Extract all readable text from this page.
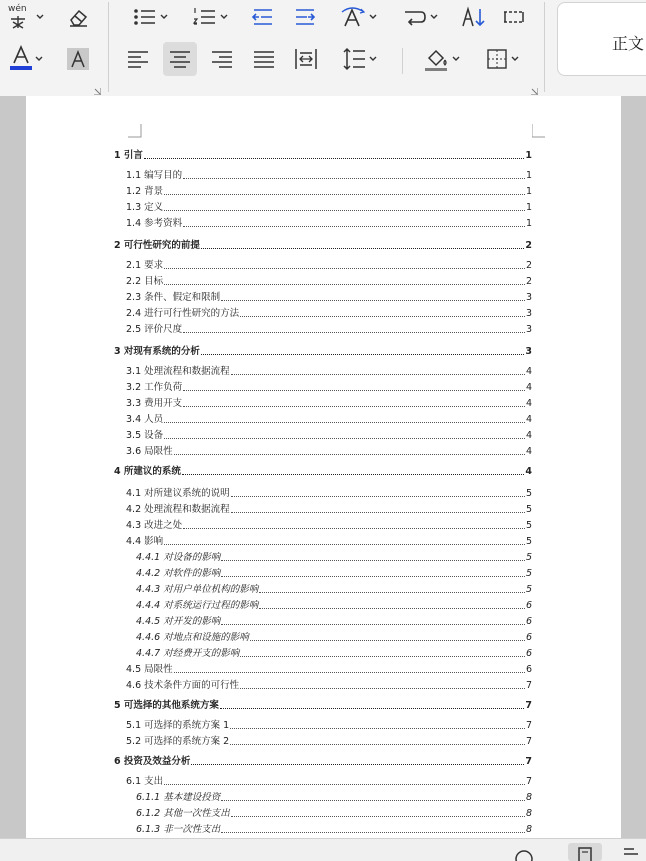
wén
正文
1 引言	1
1.1 编写目的	1
1.2 背景	1
1.3 定义	1
1.4 参考资料	1
2 可行性研究的前提	2
2.1 要求	2
2.2 目标	2
2.3 条件、假定和限制	3
2.4 进行可行性研究的方法	3
2.5 评价尺度	3
3 对现有系统的分析	3
3.1 处理流程和数据流程	4
3.2 工作负荷	4
3.3 费用开支	4
3.4 人员	4
3.5 设备	4
3.6 局限性	4
4 所建议的系统	4
4.1 对所建议系统的说明	5
4.2 处理流程和数据流程	5
4.3 改进之处	5
4.4 影响	5
4.4.1 对设备的影响	5
4.4.2 对软件的影响	5
4.4.3 对用户单位机构的影响	5
4.4.4 对系统运行过程的影响	6
4.4.5 对开发的影响	6
4.4.6 对地点和设施的影响	6
4.4.7 对经费开支的影响	6
4.5 局限性	6
4.6 技术条件方面的可行性	7
5 可选择的其他系统方案	7
5.1 可选择的系统方案 1	7
5.2 可选择的系统方案 2	7
6 投资及效益分析	7
6.1 支出	7
6.1.1 基本建设投资	8
6.1.2 其他一次性支出	8
6.1.3 非一次性支出	8
